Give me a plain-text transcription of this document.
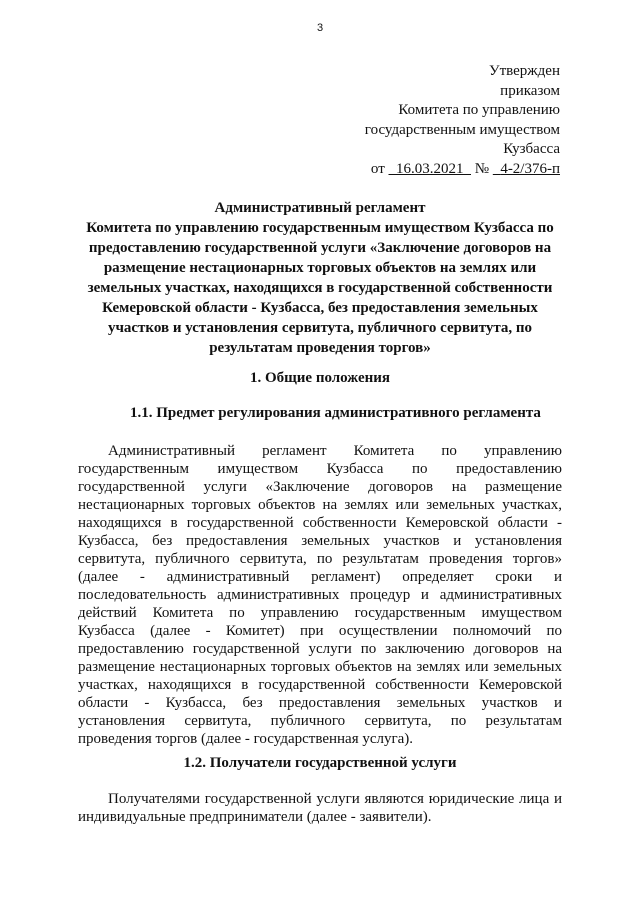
3
Утвержден
приказом
Комитета по управлению
государственным имуществом
Кузбасса
от 16.03.2021 № 4-2/376-п
Административный регламент
Комитета по управлению государственным имуществом Кузбасса по
предоставлению государственной услуги «Заключение договоров на
размещение нестационарных торговых объектов на землях или
земельных участках, находящихся в государственной собственности
Кемеровской области - Кузбасса, без предоставления земельных
участков и установления сервитута, публичного сервитута, по
результатам проведения торгов»
1. Общие положения
1.1. Предмет регулирования административного регламента
Административный регламент Комитета по управлению
государственным имуществом Кузбасса по предоставлению
государственной услуги «Заключение договоров на размещение
нестационарных торговых объектов на землях или земельных участках,
находящихся в государственной собственности Кемеровской области -
Кузбасса, без предоставления земельных участков и установления
сервитута, публичного сервитута, по результатам проведения торгов»
(далее - административный регламент) определяет сроки и
последовательность административных процедур и административных
действий Комитета по управлению государственным имуществом
Кузбасса (далее - Комитет) при осуществлении полномочий по
предоставлению государственной услуги по заключению договоров на
размещение нестационарных торговых объектов на землях или земельных
участках, находящихся в государственной собственности Кемеровской
области - Кузбасса, без предоставления земельных участков и
установления сервитута, публичного сервитута, по результатам
проведения торгов (далее - государственная услуга).
1.2. Получатели государственной услуги
Получателями государственной услуги являются юридические лица и
индивидуальные предприниматели (далее - заявители).
